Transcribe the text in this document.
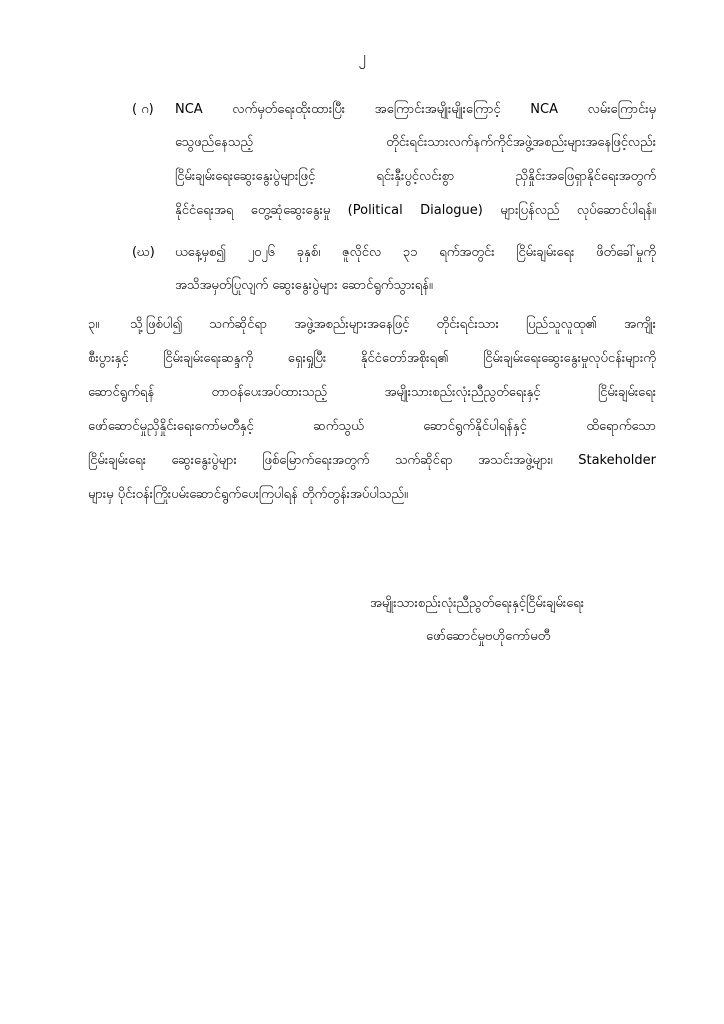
၂
( ဂ) NCA လက်မှတ်ရေးထိုးထားပြီး အကြောင်းအမျိုးမျိုးကြောင့် NCA လမ်းကြောင်းမှ
သွေဖည်နေသည့် တိုင်းရင်းသားလက်နက်ကိုင်အဖွဲ့အစည်းများအနေဖြင့်လည်း
ငြိမ်းချမ်းရေးဆွေးနွေးပွဲများဖြင့် ရင်းနှီးပွင့်လင်းစွာ ညှိနှိုင်းအဖြေရှာနိုင်ရေးအတွက်
နိုင်ငံရေးအရ တွေ့ဆုံဆွေးနွေးမှု (Political Dialogue) များပြန်လည် လုပ်ဆောင်ပါရန်။
(ဃ) ယနေ့မှစ၍ ၂၀၂၆ ခုနှစ်၊ ဇူလိုင်လ ၃၁ ရက်အတွင်း ငြိမ်းချမ်းရေး ဖိတ်ခေါ်မှုကို
အသိအမှတ်ပြုလျက် ဆွေးနွေးပွဲများ ဆောင်ရွက်သွားရန်။
၃။ သို့ဖြစ်ပါ၍ သက်ဆိုင်ရာ အဖွဲ့အစည်းများအနေဖြင့် တိုင်းရင်းသား ပြည်သူလူထု၏ အကျိုး
စီးပွားနှင့် ငြိမ်းချမ်းရေးဆန္ဒကို ရှေးရှုပြီး နိုင်ငံတော်အစိုးရ၏ ငြိမ်းချမ်းရေးဆွေးနွေးမှုလုပ်ငန်းများကို
ဆောင်ရွက်ရန် တာဝန်ပေးအပ်ထားသည့် အမျိုးသားစည်းလုံးညီညွတ်ရေးနှင့် ငြိမ်းချမ်းရေး
ဖော်ဆောင်မှုညှိနှိုင်းရေးကော်မတီနှင့် ဆက်သွယ် ဆောင်ရွက်နိုင်ပါရန်နှင့် ထိရောက်သော
ငြိမ်းချမ်းရေး ဆွေးနွေးပွဲများ ဖြစ်မြောက်ရေးအတွက် သက်ဆိုင်ရာ အသင်းအဖွဲ့များ၊ Stakeholder
များမှ ပိုင်းဝန်းကြိုးပမ်းဆောင်ရွက်ပေးကြပါရန် တိုက်တွန်းအပ်ပါသည်။
အမျိုးသားစည်းလုံးညီညွတ်ရေးနှင့်ငြိမ်းချမ်းရေး
ဖော်ဆောင်မှုဗဟိုကော်မတီ
